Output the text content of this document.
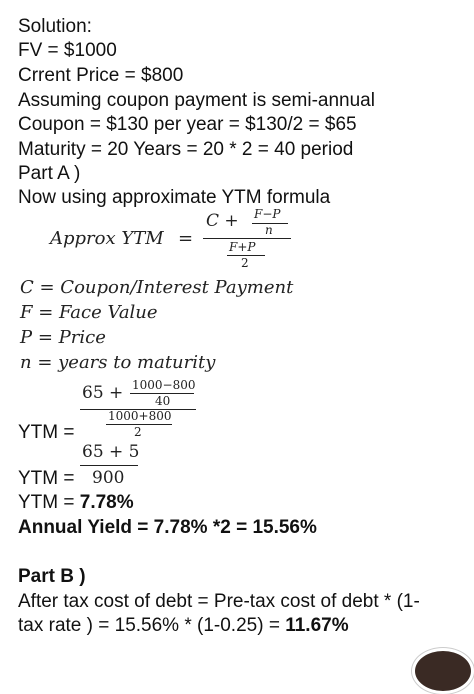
Solution:
FV = $1000
Crrent Price = $800
Assuming coupon payment is semi-annual
Coupon = $130 per year = $130/2 = $65
Maturity = 20 Years = 20 * 2 = 40 period
Part A )
Now using approximate YTM formula
Approx YTM =
C + F−P
n
F+P
2
C = Coupon/Interest Payment
F = Face Value
P = Price
n = years to maturity
65 + 1000−800
40
1000+800
2
YTM =
65 + 5
900
YTM =
YTM = 7.78%
Annual Yield = 7.78% *2 = 15.56%
Part B )
After tax cost of debt = Pre-tax cost of debt * (1-
tax rate ) = 15.56% * (1-0.25) = 11.67%
